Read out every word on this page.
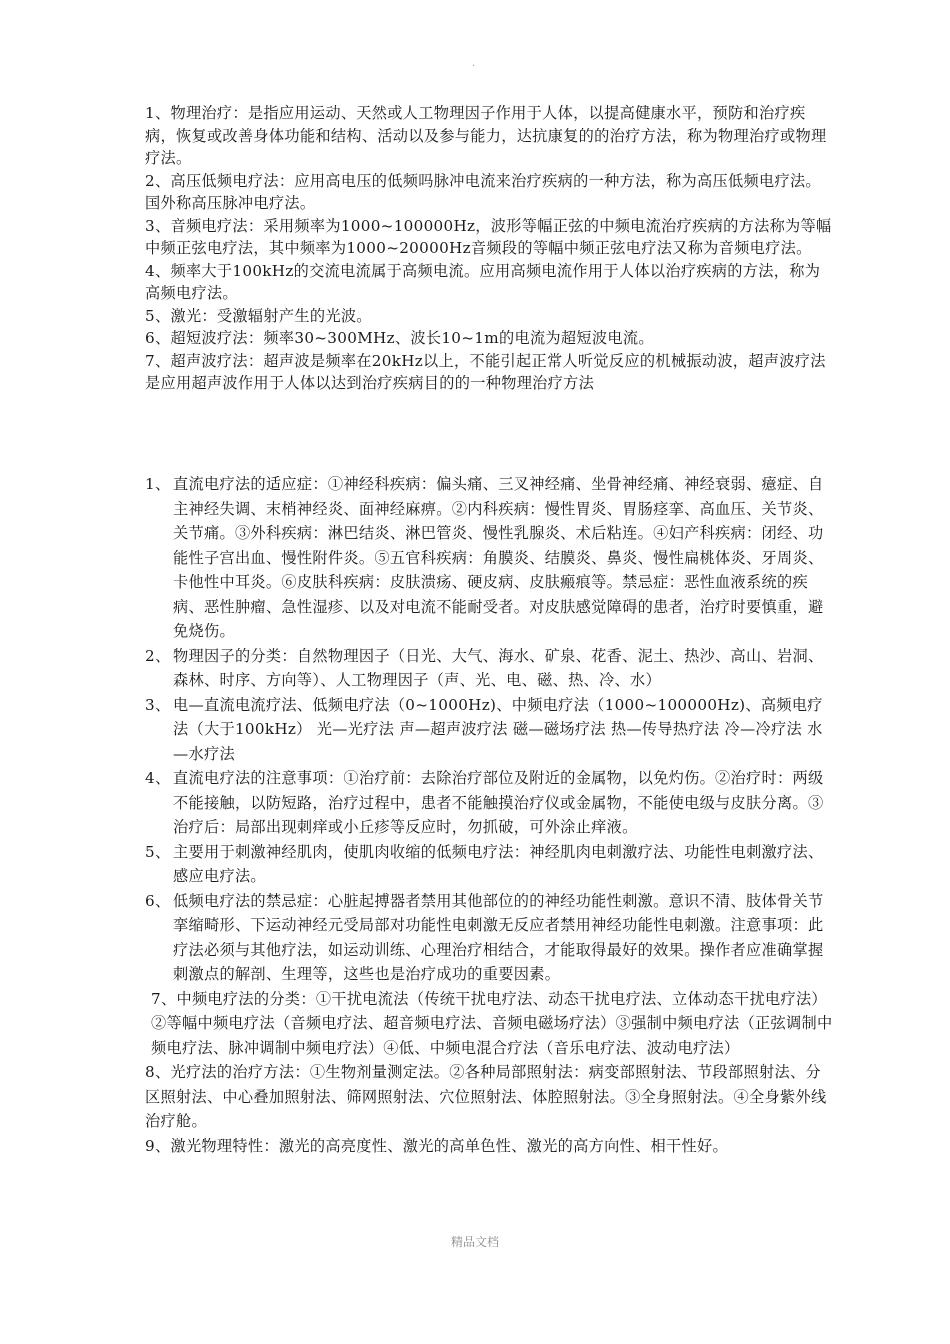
.

1、物理治疗：是指应用运动、天然或人工物理因子作用于人体，以提高健康水平，预防和治疗疾病，恢复或改善身体功能和结构、活动以及参与能力，达抗康复的的治疗方法，称为物理治疗或物理疗法。

2、高压低频电疗法：应用高电压的低频吗脉冲电流来治疗疾病的一种方法，称为高压低频电疗法。国外称高压脉冲电疗法。

3、音频电疗法：采用频率为1000~100000Hz，波形等幅正弦的中频电流治疗疾病的方法称为等幅中频正弦电疗法，其中频率为1000~20000Hz音频段的等幅中频正弦电疗法又称为音频电疗法。

4、频率大于100kHz的交流电流属于高频电流。应用高频电流作用于人体以治疗疾病的方法，称为高频电疗法。

5、激光：受激辐射产生的光波。

6、超短波疗法：频率30~300MHz、波长10~1m的电流为超短波电流。

7、超声波疗法：超声波是频率在20kHz以上，不能引起正常人听觉反应的机械振动波，超声波疗法是应用超声波作用于人体以达到治疗疾病目的的一种物理治疗方法

1、 直流电疗法的适应症：①神经科疾病：偏头痛、三叉神经痛、坐骨神经痛、神经衰弱、癔症、自主神经失调、末梢神经炎、面神经麻痹。②内科疾病：慢性胃炎、胃肠痉挛、高血压、关节炎、关节痛。③外科疾病：淋巴结炎、淋巴管炎、慢性乳腺炎、术后粘连。④妇产科疾病：闭经、功能性子宫出血、慢性附件炎。⑤五官科疾病：角膜炎、结膜炎、鼻炎、慢性扁桃体炎、牙周炎、卡他性中耳炎。⑥皮肤科疾病：皮肤溃疡、硬皮病、皮肤瘢痕等。禁忌症：恶性血液系统的疾病、恶性肿瘤、急性湿疹、以及对电流不能耐受者。对皮肤感觉障碍的患者，治疗时要慎重，避免烧伤。
2、 物理因子的分类：自然物理因子（日光、大气、海水、矿泉、花香、泥土、热沙、高山、岩洞、森林、时序、方向等）、人工物理因子（声、光、电、磁、热、冷、水）
3、 电—直流电流疗法、低频电疗法（0~1000Hz)、中频电疗法（1000~100000Hz)、高频电疗法（大于100kHz） 光—光疗法 声—超声波疗法 磁—磁场疗法 热—传导热疗法 冷—冷疗法 水—水疗法
4、 直流电疗法的注意事项：①治疗前：去除治疗部位及附近的金属物，以免灼伤。②治疗时：两级不能接触，以防短路，治疗过程中，患者不能触摸治疗仪或金属物，不能使电级与皮肤分离。③治疗后：局部出现刺痒或小丘疹等反应时，勿抓破，可外涂止痒液。
5、 主要用于刺激神经肌肉，使肌肉收缩的低频电疗法：神经肌肉电刺激疗法、功能性电刺激疗法、感应电疗法。
6、 低频电疗法的禁忌症：心脏起搏器者禁用其他部位的的神经功能性刺激。意识不清、肢体骨关节挛缩畸形、下运动神经元受局部对功能性电刺激无反应者禁用神经功能性电刺激。注意事项：此疗法必须与其他疗法，如运动训练、心理治疗相结合，才能取得最好的效果。操作者应准确掌握刺激点的解剖、生理等，这些也是治疗成功的重要因素。
7、中频电疗法的分类：①干扰电流法（传统干扰电疗法、动态干扰电疗法、立体动态干扰电疗法）②等幅中频电疗法（音频电疗法、超音频电疗法、音频电磁场疗法）③强制中频电疗法（正弦调制中频电疗法、脉冲调制中频电疗法）④低、中频电混合疗法（音乐电疗法、波动电疗法）
8、光疗法的治疗方法：①生物剂量测定法。②各种局部照射法：病变部照射法、节段部照射法、分区照射法、中心叠加照射法、筛网照射法、穴位照射法、体腔照射法。③全身照射法。④全身紫外线治疗舱。
9、激光物理特性：激光的高亮度性、激光的高单色性、激光的高方向性、相干性好。
精品文档
